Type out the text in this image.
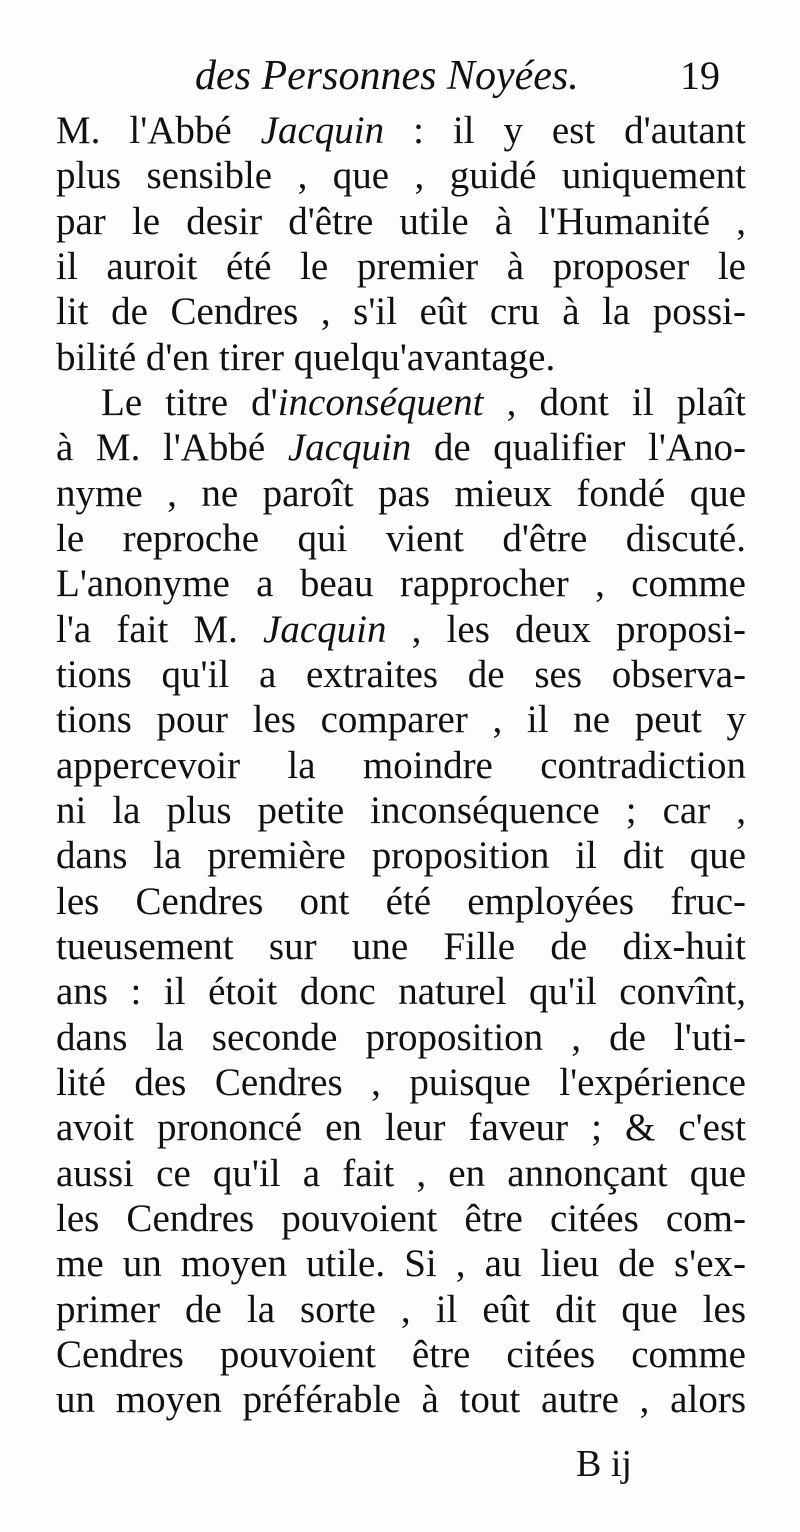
des Personnes Noyées.	19
M. l'Abbé Jacquin : il y est d'autant
plus sensible , que , guidé uniquement
par le desir d'être utile à l'Humanité ,
il auroit été le premier à proposer le
lit de Cendres , s'il eût cru à la possi-
bilité d'en tirer quelqu'avantage.
Le titre d'inconséquent , dont il plaît
à M. l'Abbé Jacquin de qualifier l'Ano-
nyme , ne paroît pas mieux fondé que
le reproche qui vient d'être discuté.
L'anonyme a beau rapprocher , comme
l'a fait M. Jacquin , les deux proposi-
tions qu'il a extraites de ses observa-
tions pour les comparer , il ne peut y
appercevoir la moindre contradiction
ni la plus petite inconséquence ; car ,
dans la première proposition il dit que
les Cendres ont été employées fruc-
tueusement sur une Fille de dix-huit
ans : il étoit donc naturel qu'il convînt,
dans la seconde proposition , de l'uti-
lité des Cendres , puisque l'expérience
avoit prononcé en leur faveur ; & c'est
aussi ce qu'il a fait , en annonçant que
les Cendres pouvoient être citées com-
me un moyen utile. Si , au lieu de s'ex-
primer de la sorte , il eût dit que les
Cendres pouvoient être citées comme
un moyen préférable à tout autre , alors
B ij
